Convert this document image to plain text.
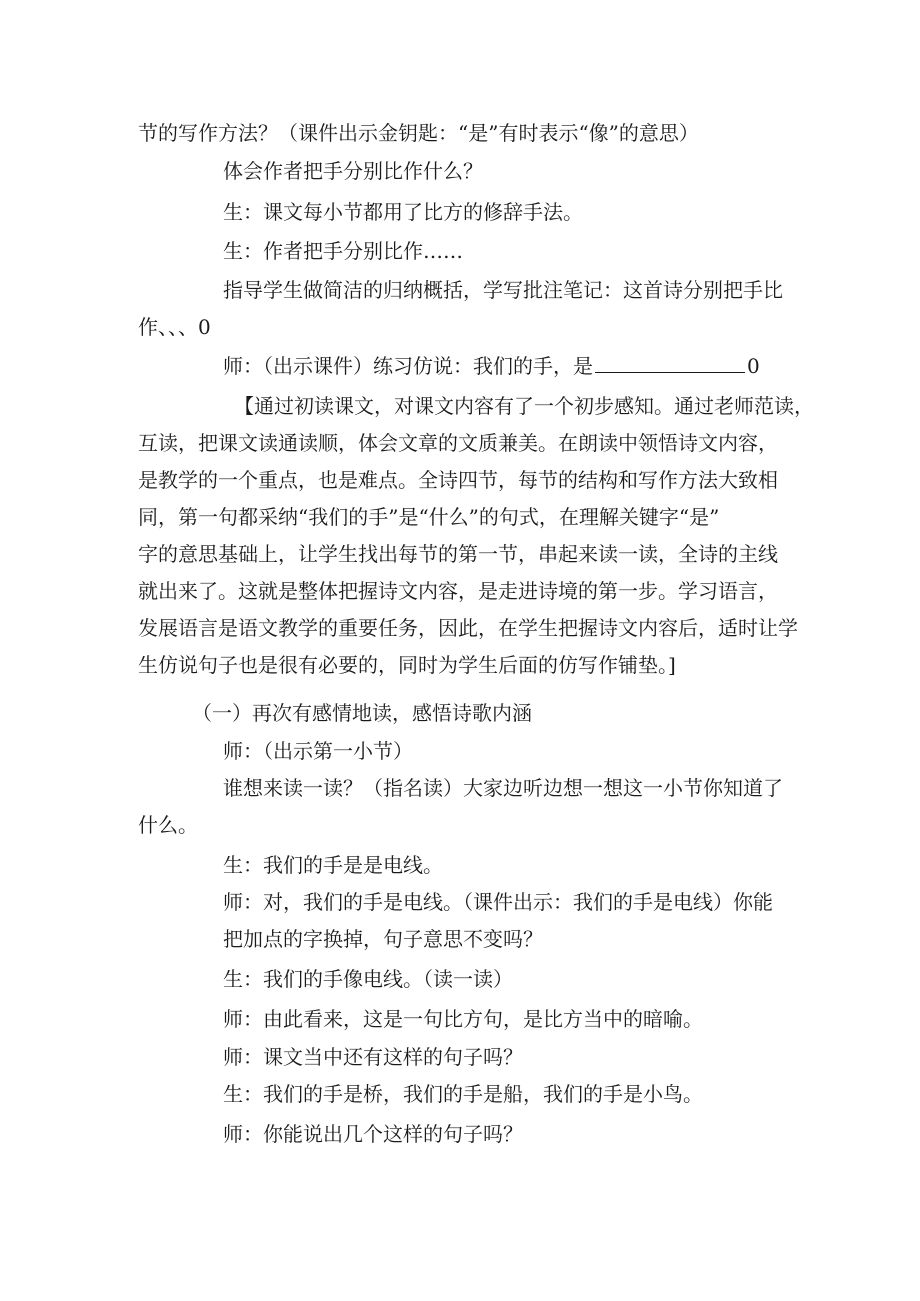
节的写作方法？（课件出示金钥匙：“是”有时表示“像”的意思）
体会作者把手分别比作什么？
生：课文每小节都用了比方的修辞手法。
生：作者把手分别比作……
指导学生做简洁的归纳概括，学写批注笔记：这首诗分别把手比
作、、、0
师：（出示课件）练习仿说：我们的手，是	0
【通过初读课文，对课文内容有了一个初步感知。通过老师范读，
互读，把课文读通读顺，体会文章的文质兼美。在朗读中领悟诗文内容，
是教学的一个重点，也是难点。全诗四节，每节的结构和写作方法大致相
同，第一句都采纳“我们的手”是“什么”的句式，在理解关键字“是”
字的意思基础上，让学生找出每节的第一节，串起来读一读，全诗的主线
就出来了。这就是整体把握诗文内容，是走进诗境的第一步。学习语言，
发展语言是语文教学的重要任务，因此，在学生把握诗文内容后，适时让学
生仿说句子也是很有必要的，同时为学生后面的仿写作铺垫。]
（一）再次有感情地读，感悟诗歌内涵
师：（出示第一小节）
谁想来读一读？（指名读）大家边听边想一想这一小节你知道了
什么。
生：我们的手是是电线。
师：对，我们的手是电线。（课件出示：我们的手是电线）你能
把加点的字换掉，句子意思不变吗？
生：我们的手像电线。（读一读）
师：由此看来，这是一句比方句，是比方当中的暗喻。
师：课文当中还有这样的句子吗？
生：我们的手是桥，我们的手是船，我们的手是小鸟。
师：你能说出几个这样的句子吗？
